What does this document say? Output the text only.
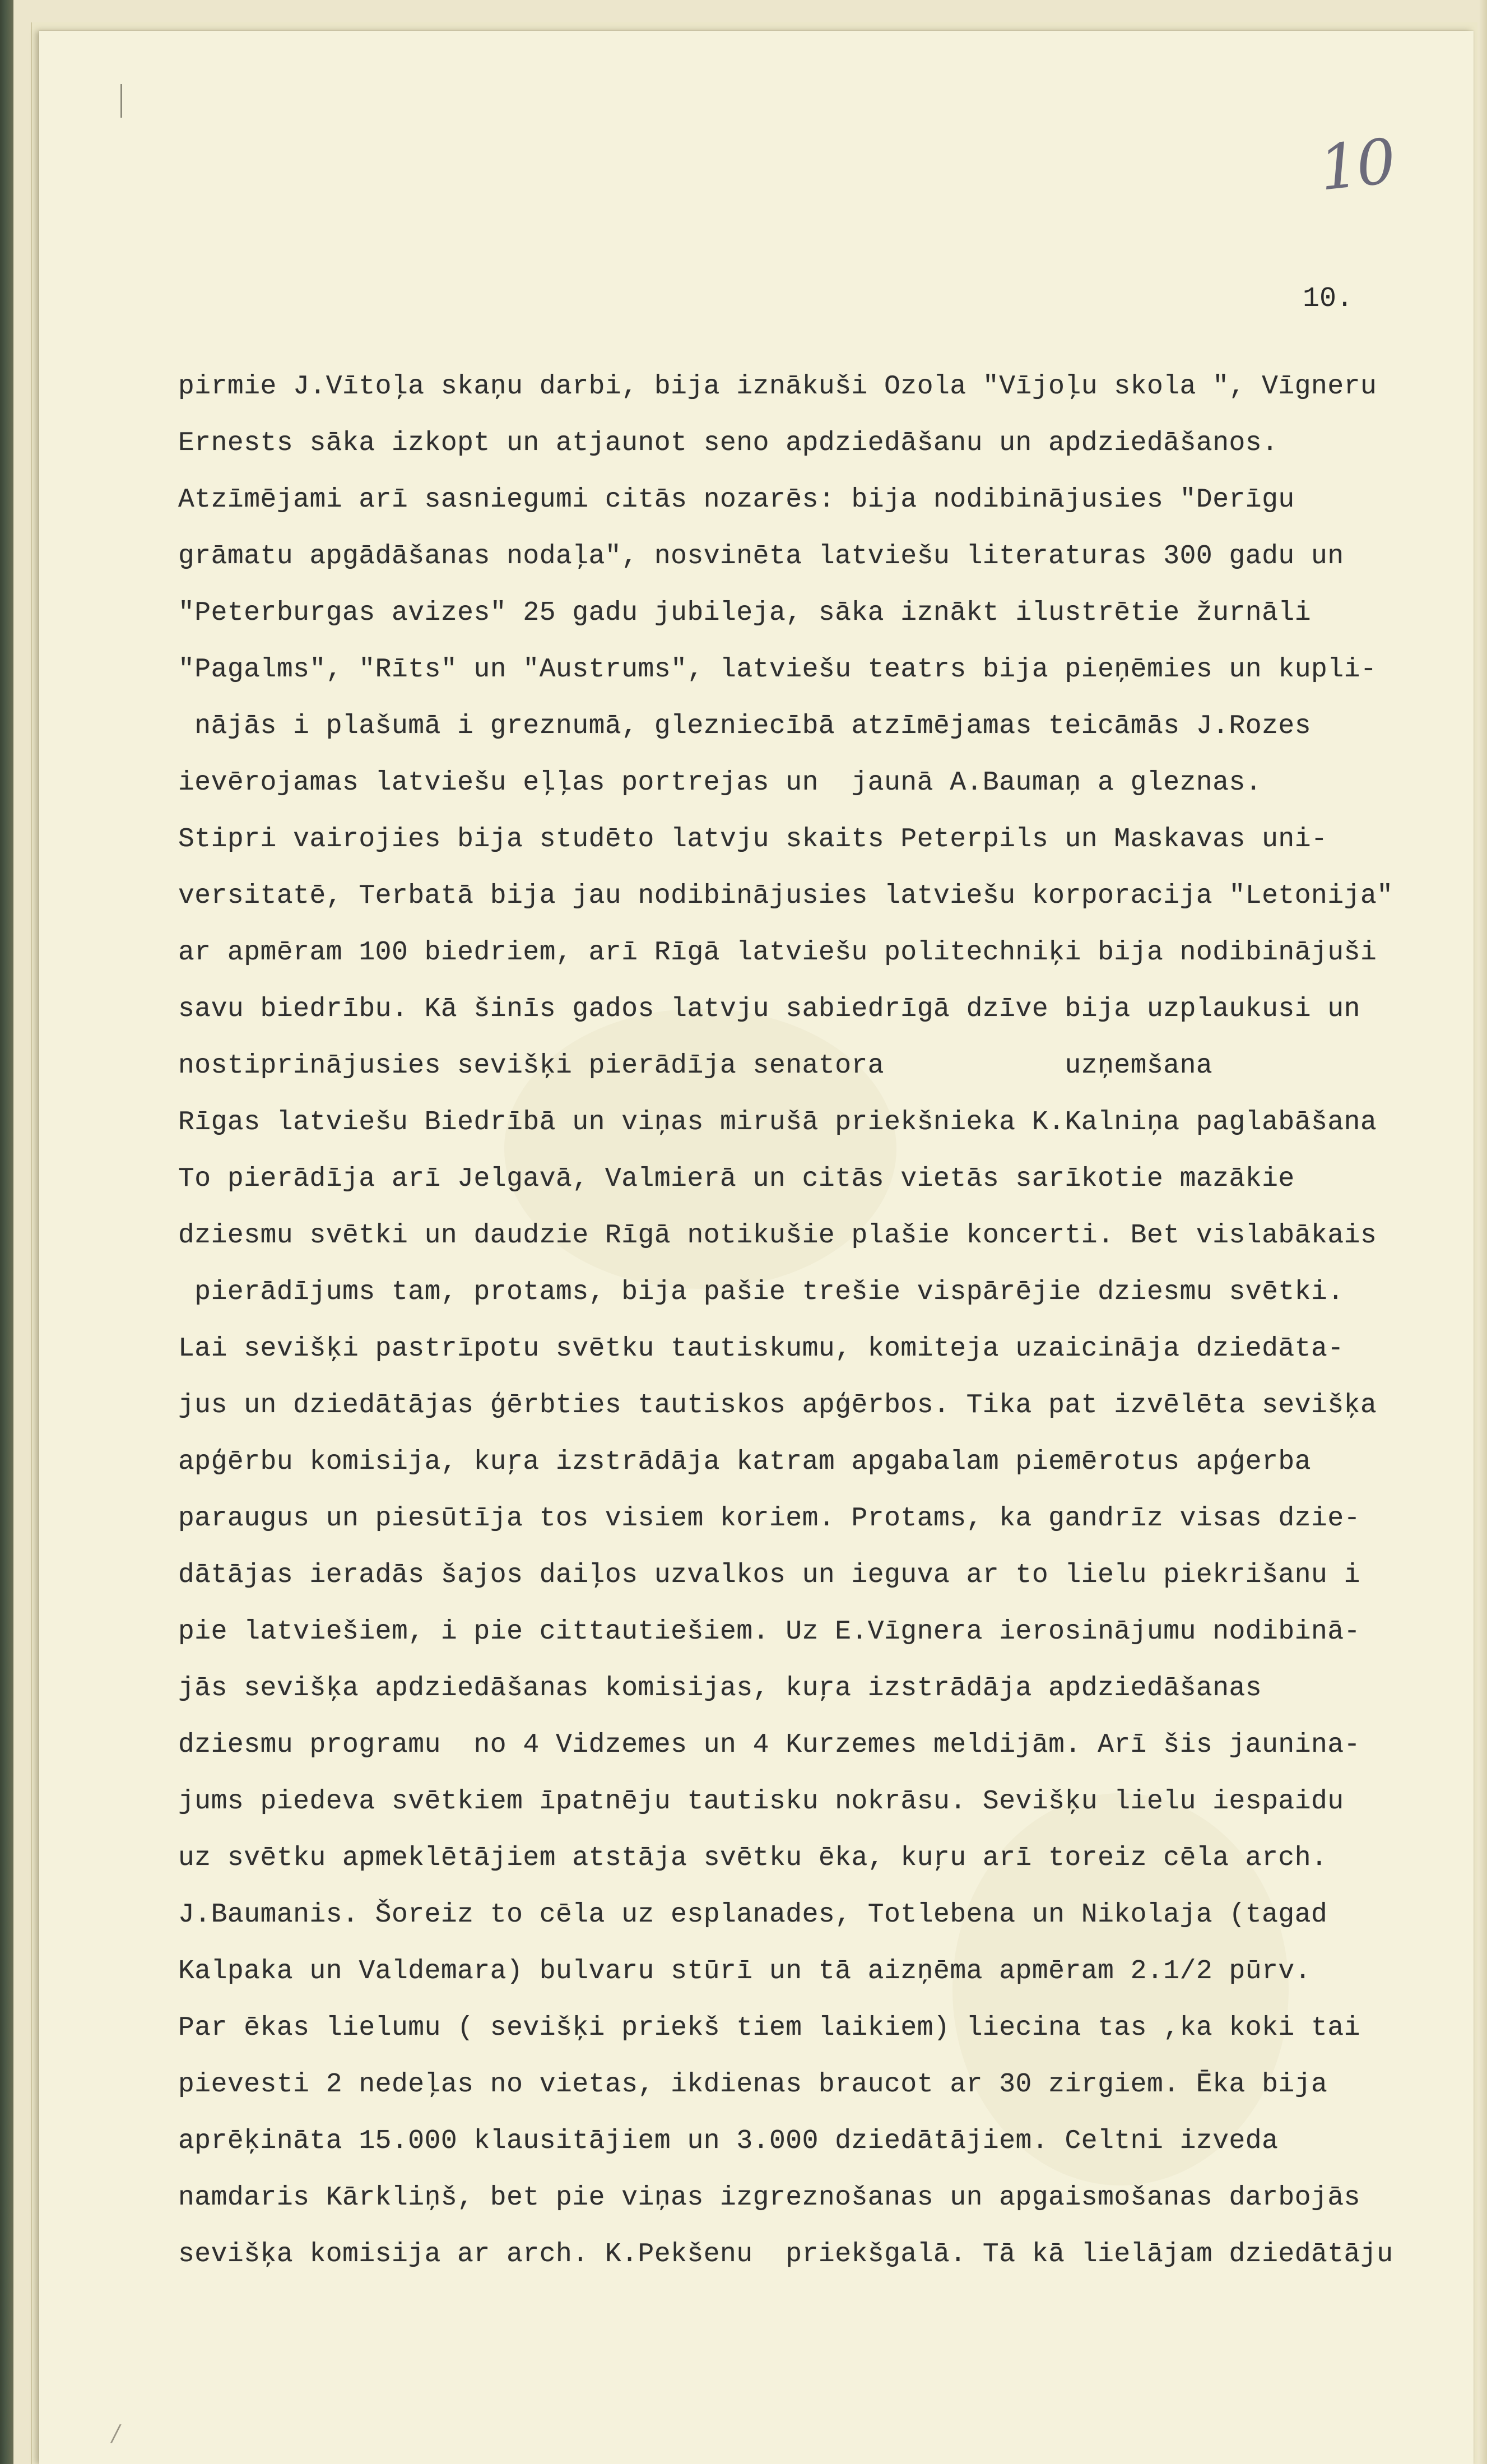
10
10.
pirmie J.Vītoļa skaņu darbi, bija iznākuši Ozola "Vījoļu skola ", Vīgneru
Ernests sāka izkopt un atjaunot seno apdziedāšanu un apdziedāšanos.
Atzīmējami arī sasniegumi citās nozarēs: bija nodibinājusies "Derīgu
grāmatu apgādāšanas nodaļa", nosvinēta latviešu literaturas 300 gadu un
"Peterburgas avizes" 25 gadu jubileja, sāka iznākt ilustrētie žurnāli
"Pagalms", "Rīts" un "Austrums", latviešu teatrs bija pieņēmies un kupli-
nājās i plašumā i greznumā, glezniecībā atzīmējamas teicāmās J.Rozes
ievērojamas latviešu eļļas portrejas un  jaunā A.Baumaņ a gleznas.
Stipri vairojies bija studēto latvju skaits Peterpils un Maskavas uni-
versitatē, Terbatā bija jau nodibinājusies latviešu korporacija "Letonija"
ar apmēram 100 biedriem, arī Rīgā latviešu politechniķi bija nodibinājuši
savu biedrību. Kā šinīs gados latvju sabiedrīgā dzīve bija uzplaukusi un
nostiprinājusies sevišķi pierādīja senatora           uzņemšana
Rīgas latviešu Biedrībā un viņas mirušā priekšnieka K.Kalniņa paglabāšana
To pierādīja arī Jelgavā, Valmierā un citās vietās sarīkotie mazākie
dziesmu svētki un daudzie Rīgā notikušie plašie koncerti. Bet vislabākais
pierādījums tam, protams, bija pašie trešie vispārējie dziesmu svētki.
Lai sevišķi pastrīpotu svētku tautiskumu, komiteja uzaicināja dziedāta-
jus un dziedātājas ģērbties tautiskos apģērbos. Tika pat izvēlēta sevišķa
apģērbu komisija, kuŗa izstrādāja katram apgabalam piemērotus apģerba
paraugus un piesūtīja tos visiem koriem. Protams, ka gandrīz visas dzie-
dātājas ieradās šajos daiļos uzvalkos un ieguva ar to lielu piekrišanu i
pie latviešiem, i pie cittautiešiem. Uz E.Vīgnera ierosinājumu nodibinā-
jās sevišķa apdziedāšanas komisijas, kuŗa izstrādāja apdziedāšanas
dziesmu programu  no 4 Vidzemes un 4 Kurzemes meldijām. Arī šis jaunina-
jums piedeva svētkiem īpatnēju tautisku nokrāsu. Sevišķu lielu iespaidu
uz svētku apmeklētājiem atstāja svētku ēka, kuŗu arī toreiz cēla arch.
J.Baumanis. Šoreiz to cēla uz esplanades, Totlebena un Nikolaja (tagad
Kalpaka un Valdemara) bulvaru stūrī un tā aizņēma apmēram 2.1/2 pūrv.
Par ēkas lielumu ( sevišķi priekš tiem laikiem) liecina tas ,ka koki tai
pievesti 2 nedeļas no vietas, ikdienas braucot ar 30 zirgiem. Ēka bija
aprēķināta 15.000 klausitājiem un 3.000 dziedātājiem. Celtni izveda
namdaris Kārkliņš, bet pie viņas izgreznošanas un apgaismošanas darbojās
sevišķa komisija ar arch. K.Pekšenu  priekšgalā. Tā kā lielājam dziedātāju
/
